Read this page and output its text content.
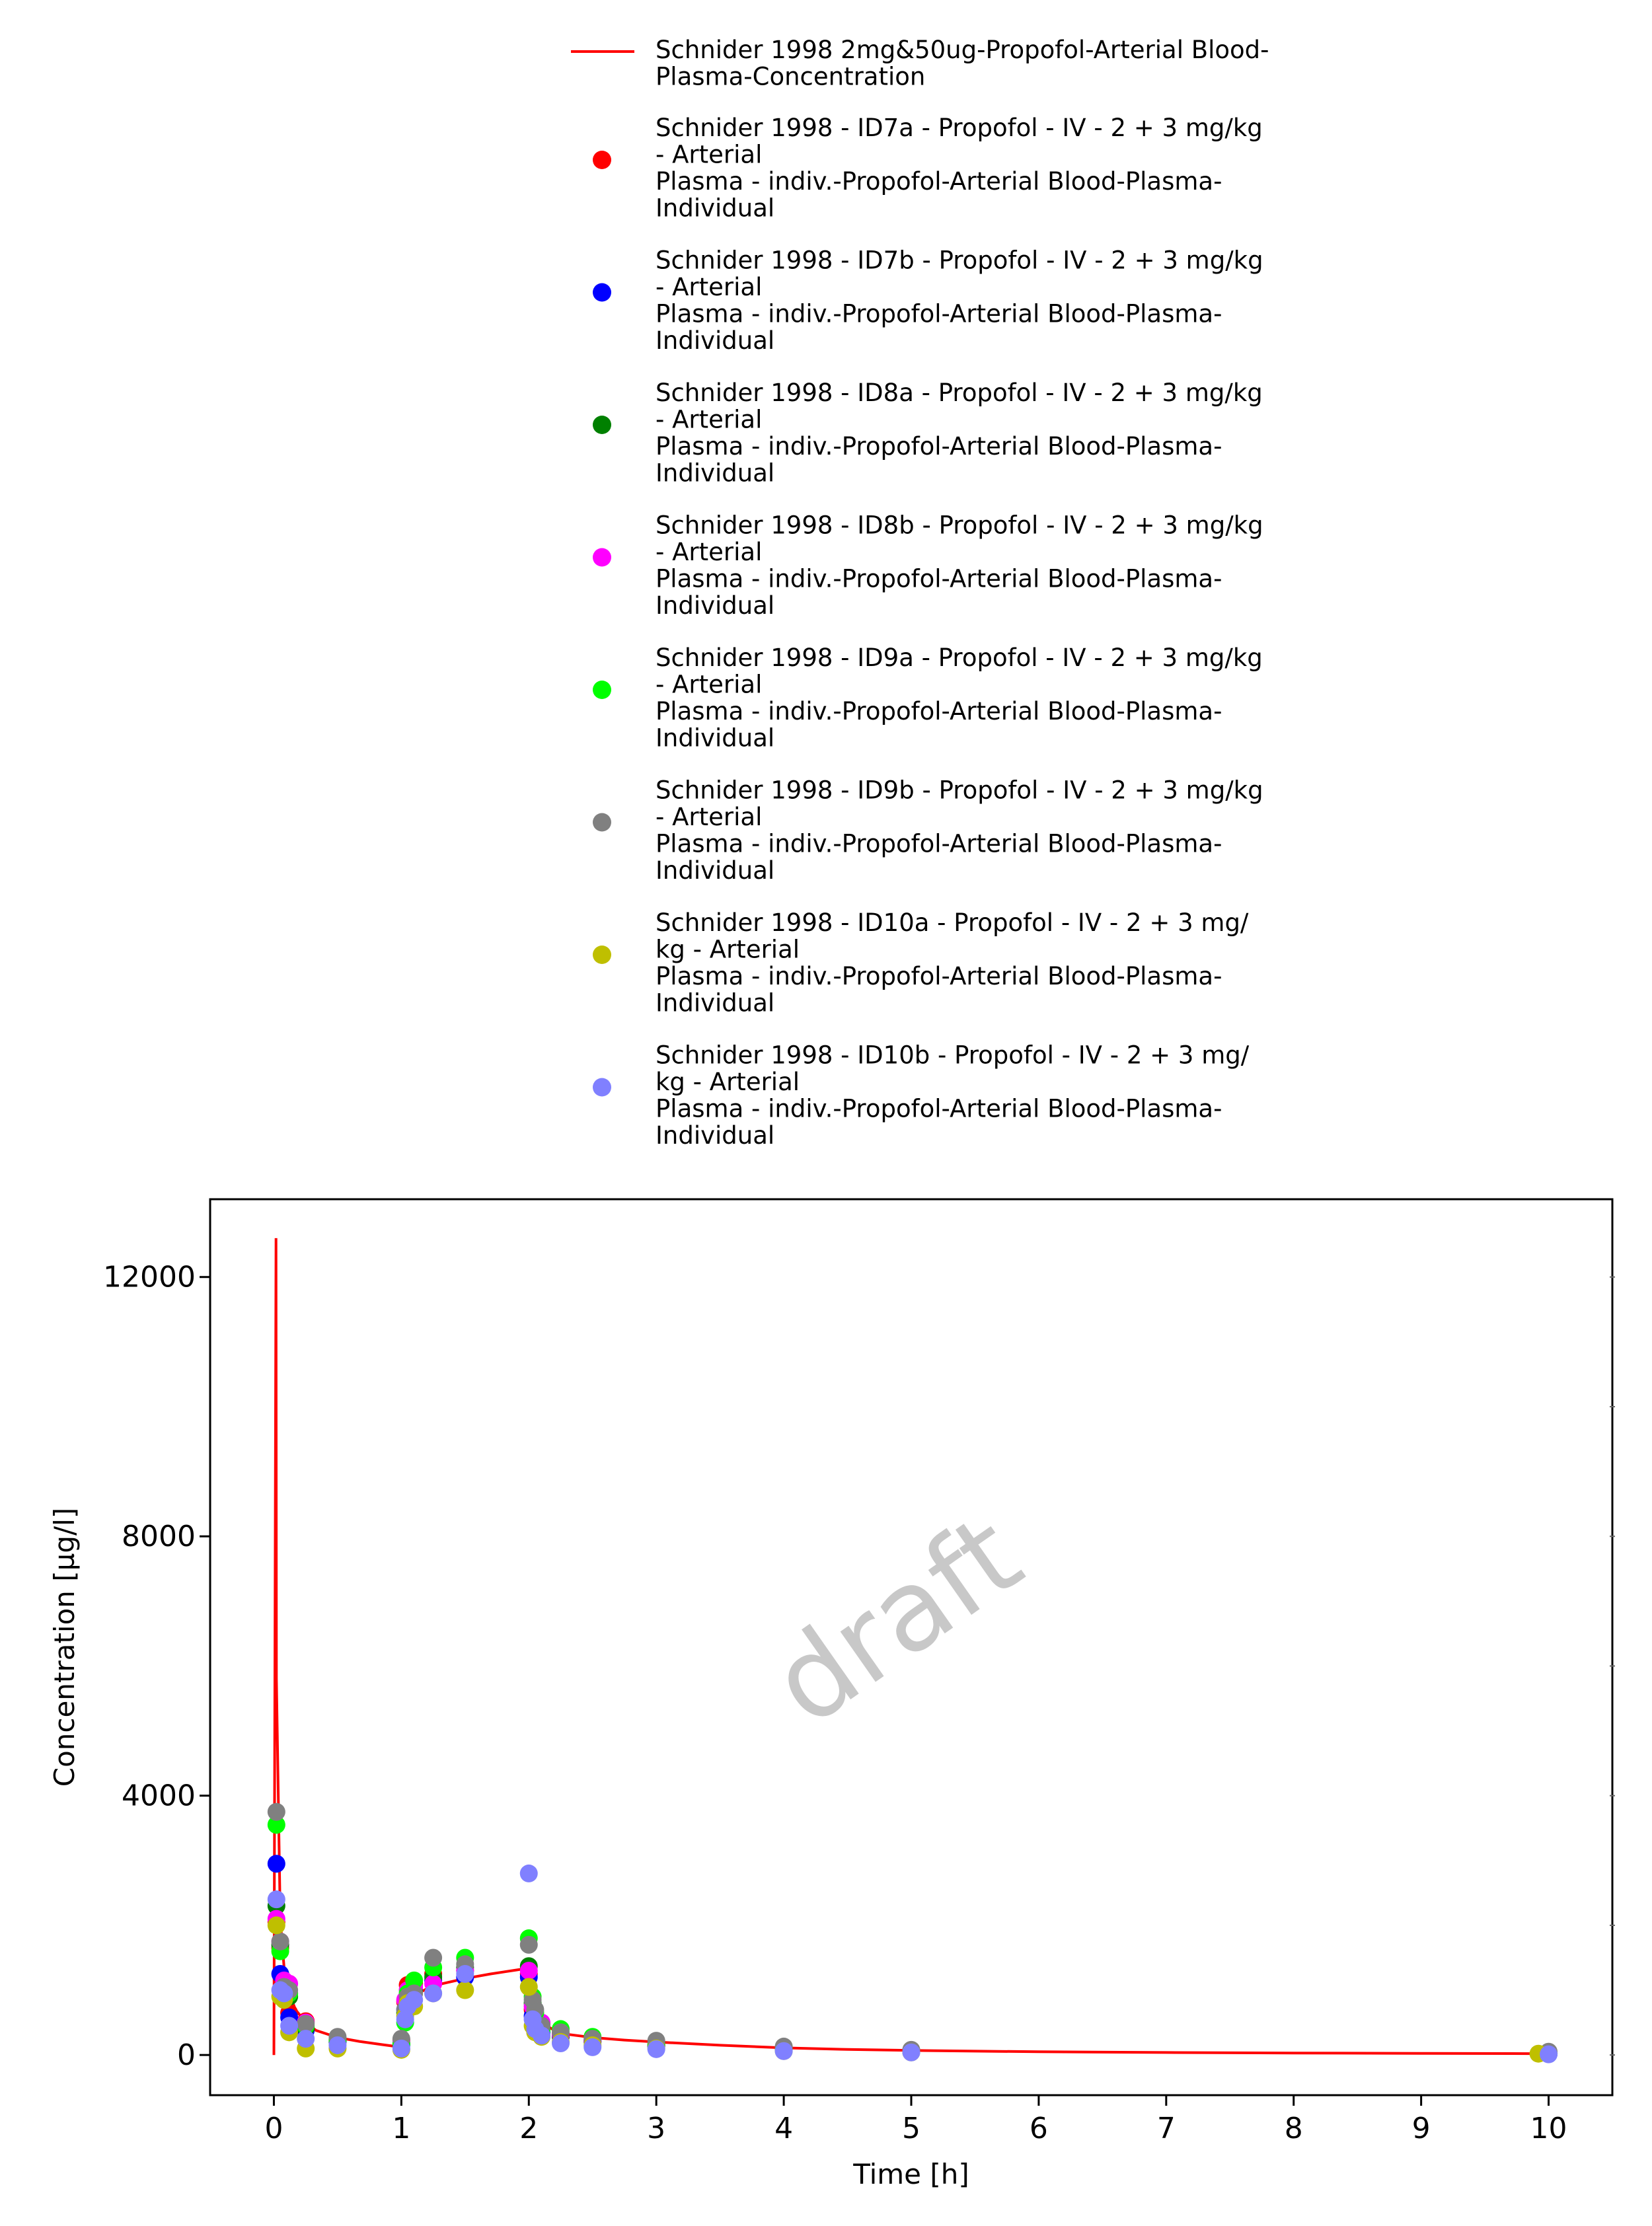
Schnider 1998 2mg&50ug-Propofol-Arterial Blood-
Plasma-Concentration
Schnider 1998 - ID7a - Propofol - IV - 2 + 3 mg/kg
- Arterial
Plasma - indiv.-Propofol-Arterial Blood-Plasma-
Individual
Schnider 1998 - ID7b - Propofol - IV - 2 + 3 mg/kg
- Arterial
Plasma - indiv.-Propofol-Arterial Blood-Plasma-
Individual
Schnider 1998 - ID8a - Propofol - IV - 2 + 3 mg/kg
- Arterial
Plasma - indiv.-Propofol-Arterial Blood-Plasma-
Individual
Schnider 1998 - ID8b - Propofol - IV - 2 + 3 mg/kg
- Arterial
Plasma - indiv.-Propofol-Arterial Blood-Plasma-
Individual
Schnider 1998 - ID9a - Propofol - IV - 2 + 3 mg/kg
- Arterial
Plasma - indiv.-Propofol-Arterial Blood-Plasma-
Individual
Schnider 1998 - ID9b - Propofol - IV - 2 + 3 mg/kg
- Arterial
Plasma - indiv.-Propofol-Arterial Blood-Plasma-
Individual
Schnider 1998 - ID10a - Propofol - IV - 2 + 3 mg/
kg - Arterial
Plasma - indiv.-Propofol-Arterial Blood-Plasma-
Individual
Schnider 1998 - ID10b - Propofol - IV - 2 + 3 mg/
kg - Arterial
Plasma - indiv.-Propofol-Arterial Blood-Plasma-
Individual
draft
0	1	2	3	4	5	6	7	8	9	10
0
4000
8000
12000
Time [h]
Concentration [µg/l]
